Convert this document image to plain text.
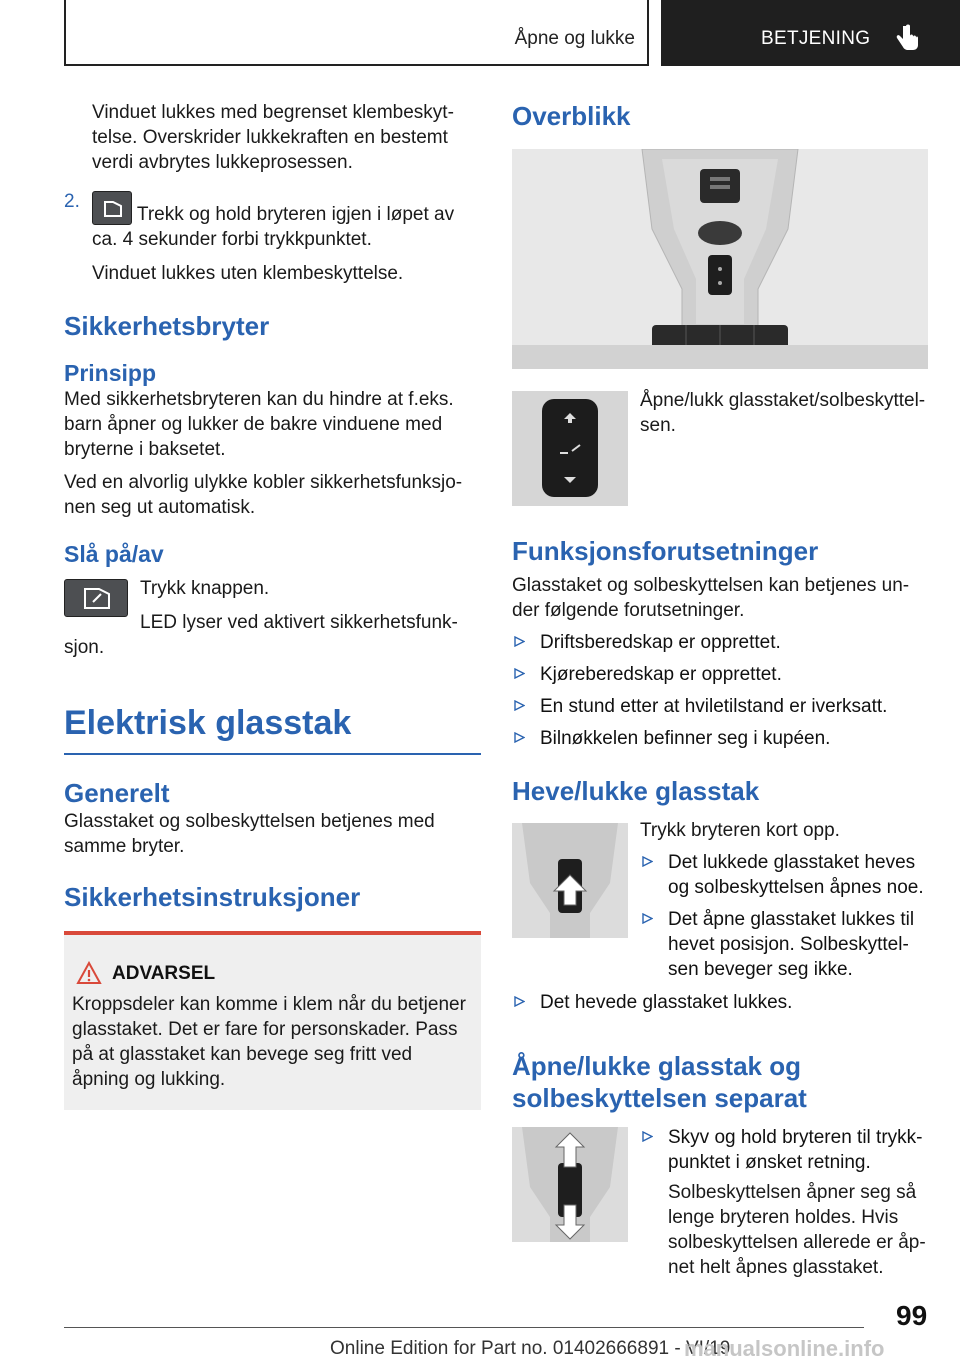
Åpne og lukke	BETJENING

Vinduet lukkes med begrenset klembeskyt-telse. Overskrider lukkekraften en bestemt verdi avbrytes lukkeprosessen.

2.

Trekk og hold bryteren igjen i løpet av ca. 4 sekunder forbi trykkpunktet.

Vinduet lukkes uten klembeskyttelse.

Sikkerhetsbryter
Prinsipp

Med sikkerhetsbryteren kan du hindre at f.eks. barn åpner og lukker de bakre vinduene med bryterne i baksetet.

Ved en alvorlig ulykke kobler sikkerhetsfunksjo-nen seg ut automatisk.

Slå på/av

Trykk knappen.

LED lyser ved aktivert sikkerhetsfunk-

sjon.

Elektrisk glasstak
Generelt

Glasstaket og solbeskyttelsen betjenes med samme bryter.

Sikkerhetsinstruksjoner
ADVARSEL

Kroppsdeler kan komme i klem når du betjener glasstaket. Det er fare for personskader. Pass på at glasstaket kan bevege seg fritt ved åpning og lukking.

Overblikk

Åpne/lukk glasstaket/solbeskyttel-sen.

Funksjonsforutsetninger

Glasstaket og solbeskyttelsen kan betjenes un-der følgende forutsetninger.

Driftsberedskap er opprettet.
Kjøreberedskap er opprettet.
En stund etter at hviletilstand er iverksatt.
Bilnøkkelen befinner seg i kupéen.
Heve/lukke glasstak

Trykk bryteren kort opp.

Det lukkede glasstaket heves og solbeskyttelsen åpnes noe.
Det åpne glasstaket lukkes til hevet posisjon. Solbeskyttel-sen beveger seg ikke.
Det hevede glasstaket lukkes.
Åpne/lukke glasstak og solbeskyttelsen separat
Skyv og hold bryteren til trykk-punktet i ønsket retning.

Solbeskyttelsen åpner seg så lenge bryteren holdes. Hvis solbeskyttelsen allerede er åp-net helt åpnes glasstaket.

99
Online Edition for Part no. 01402666891 - VI/19
manualsonline.info
